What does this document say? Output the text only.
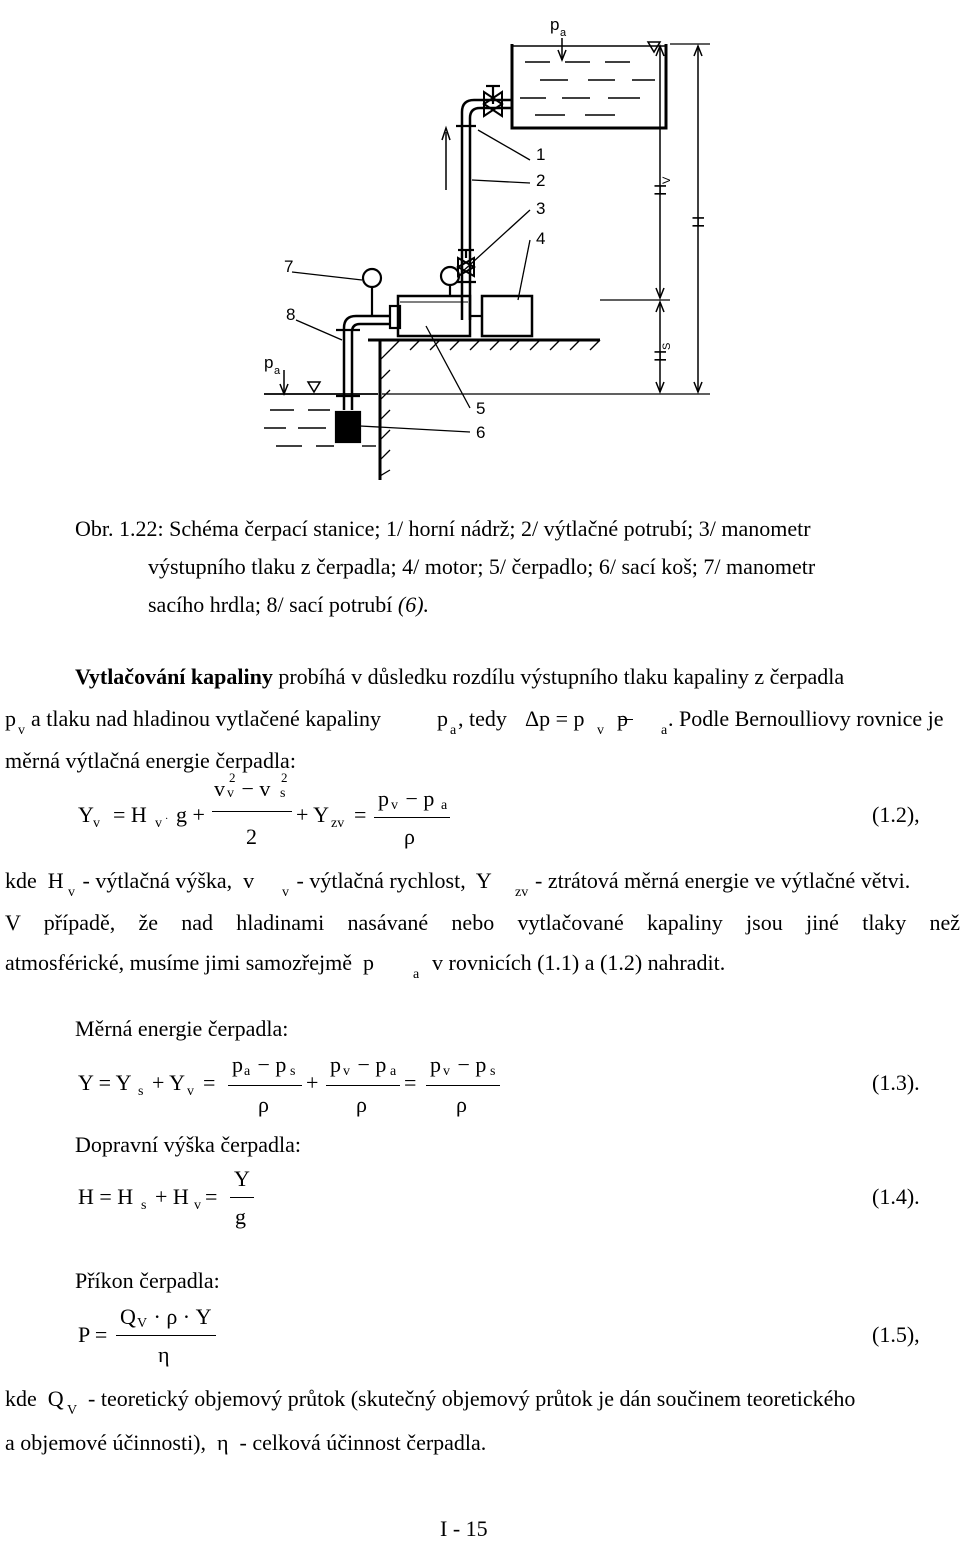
p a
p a
1
2
3
4
5
6
7
8
H
V
H
H
S
Obr. 1.22: Schéma čerpací stanice; 1/ horní nádrž; 2/ výtlačné potrubí; 3/ manometr
výstupního tlaku z čerpadla; 4/ motor; 5/ čerpadlo; 6/ sací koš; 7/ manometr
sacího hrdla; 8/ sací potrubí (6).
Vytlačování kapaliny probíhá v důsledku rozdílu výstupního tlaku kapaliny z čerpadla
p v a tlaku nad hladinou vytlačené kapaliny	p a , tedy Δp = p v p a . Podle Bernoulliovy rovnice je
měrná výtlačná energie čerpadla:
Y v = H v · g +
v v
2 − v s
2
2
+ Y zv =
p v − p a
ρ
(1.2),
kde  H v - výtlačná výška,  v v - výtlačná rychlost,  Y zv - ztrátová měrná energie ve výtlačné větvi.
V případě, že nad hladinami nasávané nebo vytlačované kapaliny jsou jiné tlaky než
atmosférické, musíme jimi samozřejmě  p	a v rovnicích (1.1) a (1.2) nahradit.
Měrná energie čerpadla:
Y = Y s + Y v =
p a − p s
ρ
+
p v − p a
ρ
=
p v − p s
ρ
(1.3).
Dopravní výška čerpadla:
H = H s + H v =
Y
g
(1.4).
Příkon čerpadla:
P =
Q V · ρ · Y
η
(1.5),
kde  Q V - teoretický objemový průtok (skutečný objemový průtok je dán součinem teoretického
a objemové účinnosti),  η  - celková účinnost čerpadla.
I - 15
